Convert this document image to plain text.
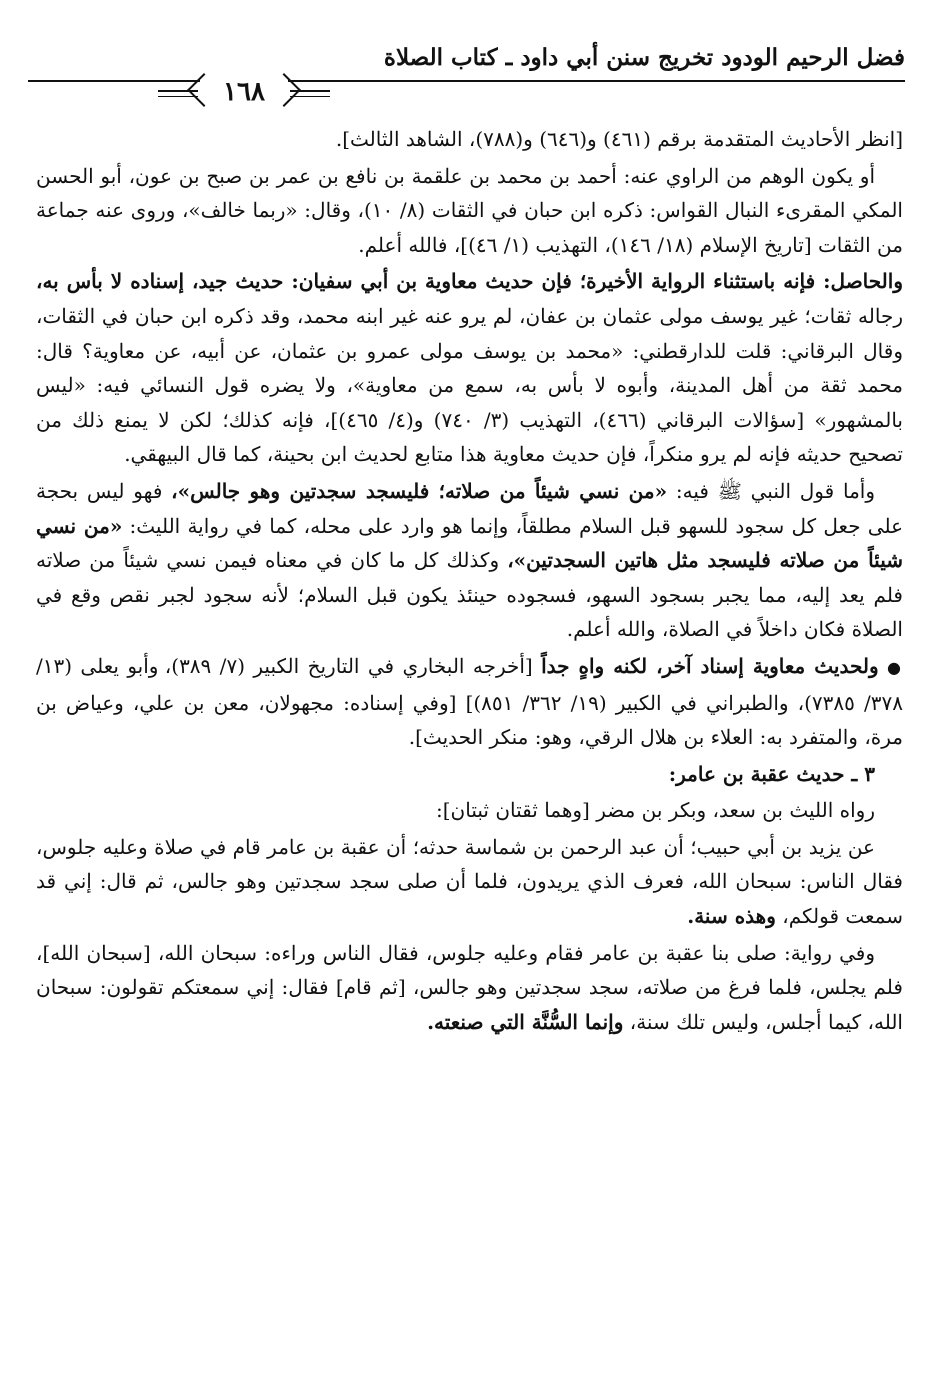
فضل الرحيم الودود تخريج سنن أبي داود ـ كتاب الصلاة
١٦٨

[انظر الأحاديث المتقدمة برقم (٤٦١) و(٦٤٦) و(٧٨٨)، الشاهد الثالث].

أو يكون الوهم من الراوي عنه: أحمد بن محمد بن علقمة بن نافع بن عمر بن صبح بن عون، أبو الحسن المكي المقرىء النبال القواس: ذكره ابن حبان في الثقات (٨/ ١٠)، وقال: «ربما خالف»، وروى عنه جماعة من الثقات [تاريخ الإسلام (١٨/ ١٤٦)، التهذيب (١/ ٤٦)]، فالله أعلم.

والحاصل: فإنه باستثناء الرواية الأخيرة؛ فإن حديث معاوية بن أبي سفيان: حديث جيد، إسناده لا بأس به، رجاله ثقات؛ غير يوسف مولى عثمان بن عفان، لم يرو عنه غير ابنه محمد، وقد ذكره ابن حبان في الثقات، وقال البرقاني: قلت للدارقطني: «محمد بن يوسف مولى عمرو بن عثمان، عن أبيه، عن معاوية؟ قال: محمد ثقة من أهل المدينة، وأبوه لا بأس به، سمع من معاوية»، ولا يضره قول النسائي فيه: «ليس بالمشهور» [سؤالات البرقاني (٤٦٦)، التهذيب (٣/ ٧٤٠) و(٤/ ٤٦٥)]، فإنه كذلك؛ لكن لا يمنع ذلك من تصحيح حديثه فإنه لم يرو منكراً، فإن حديث معاوية هذا متابع لحديث ابن بحينة، كما قال البيهقي.

وأما قول النبي ﷺ فيه: «من نسي شيئاً من صلاته؛ فليسجد سجدتين وهو جالس»، فهو ليس بحجة على جعل كل سجود للسهو قبل السلام مطلقاً، وإنما هو وارد على محله، كما في رواية الليث: «من نسي شيئاً من صلاته فليسجد مثل هاتين السجدتين»، وكذلك كل ما كان في معناه فيمن نسي شيئاً من صلاته فلم يعد إليه، مما يجبر بسجود السهو، فسجوده حينئذ يكون قبل السلام؛ لأنه سجود لجبر نقص وقع في الصلاة فكان داخلاً في الصلاة، والله أعلم.

● ولحديث معاوية إسناد آخر، لكنه واهٍ جداً [أخرجه البخاري في التاريخ الكبير (٧/ ٣٨٩)، وأبو يعلى (١٣/ ٣٧٨/ ٧٣٨٥)، والطبراني في الكبير (١٩/ ٣٦٢/ ٨٥١)] [وفي إسناده: مجهولان، معن بن علي، وعياض بن مرة، والمتفرد به: العلاء بن هلال الرقي، وهو: منكر الحديث].

٣ ـ حديث عقبة بن عامر:

رواه الليث بن سعد، وبكر بن مضر [وهما ثقتان ثبتان]:

عن يزيد بن أبي حبيب؛ أن عبد الرحمن بن شماسة حدثه؛ أن عقبة بن عامر قام في صلاة وعليه جلوس، فقال الناس: سبحان الله، فعرف الذي يريدون، فلما أن صلى سجد سجدتين وهو جالس، ثم قال: إني قد سمعت قولكم، وهذه سنة.

وفي رواية: صلى بنا عقبة بن عامر فقام وعليه جلوس، فقال الناس وراءه: سبحان الله، [سبحان الله]، فلم يجلس، فلما فرغ من صلاته، سجد سجدتين وهو جالس، [ثم قام] فقال: إني سمعتكم تقولون: سبحان الله، كيما أجلس، وليس تلك سنة، وإنما السُّنَّة التي صنعته.
